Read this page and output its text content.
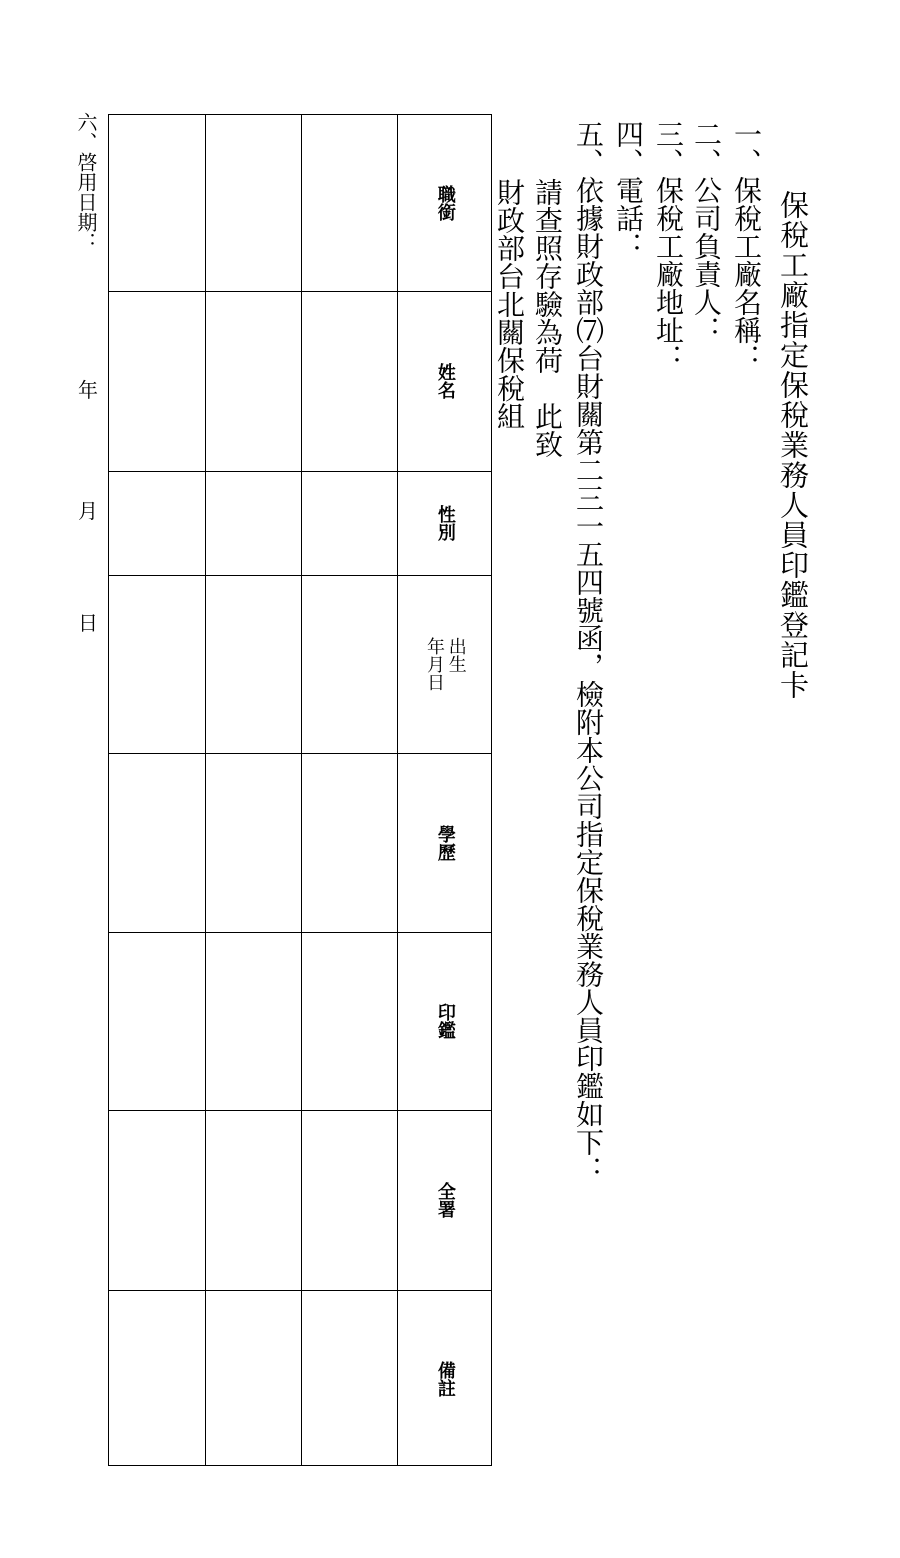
保稅工廠指定保稅業務人員印鑑登記卡
一、保稅工廠名稱：
二、公司負責人：
三、保稅工廠地址：
四、電話：
五、依據財政部⑺台財關第二三一五四號函，檢附本公司指定保稅業務人員印鑑如下：
請查照存驗為荷　此致
財政部台北關保稅組
六、啓用日期：
年
月
日
職銜
姓名
性別
出生
年月日
學歷
印鑑
全署
備註
